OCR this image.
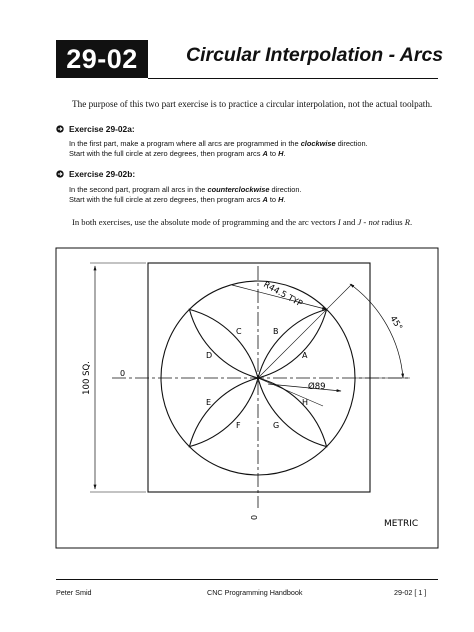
29-02	Circular Interpolation - Arcs
The purpose of this two part exercise is to practice a circular interpolation, not the actual toolpath.
Exercise 29-02a:
In the first part, make a program where all arcs are programmed in the clockwise direction.
Start with the full circle at zero degrees, then program arcs A to H.
Exercise 29-02b:
In the second part, program all arcs in the counterclockwise direction.
Start with the full circle at zero degrees, then program arcs A to H.
In both exercises, use the absolute mode of programming and the arc vectors I and J - not radius R.
R44.5 TYP
45°
Ø89
100 SQ.	0
0
A
B
C
D
E
F	G
H
METRIC
Peter Smid	CNC Programming Handbook	29-02 [ 1 ]
